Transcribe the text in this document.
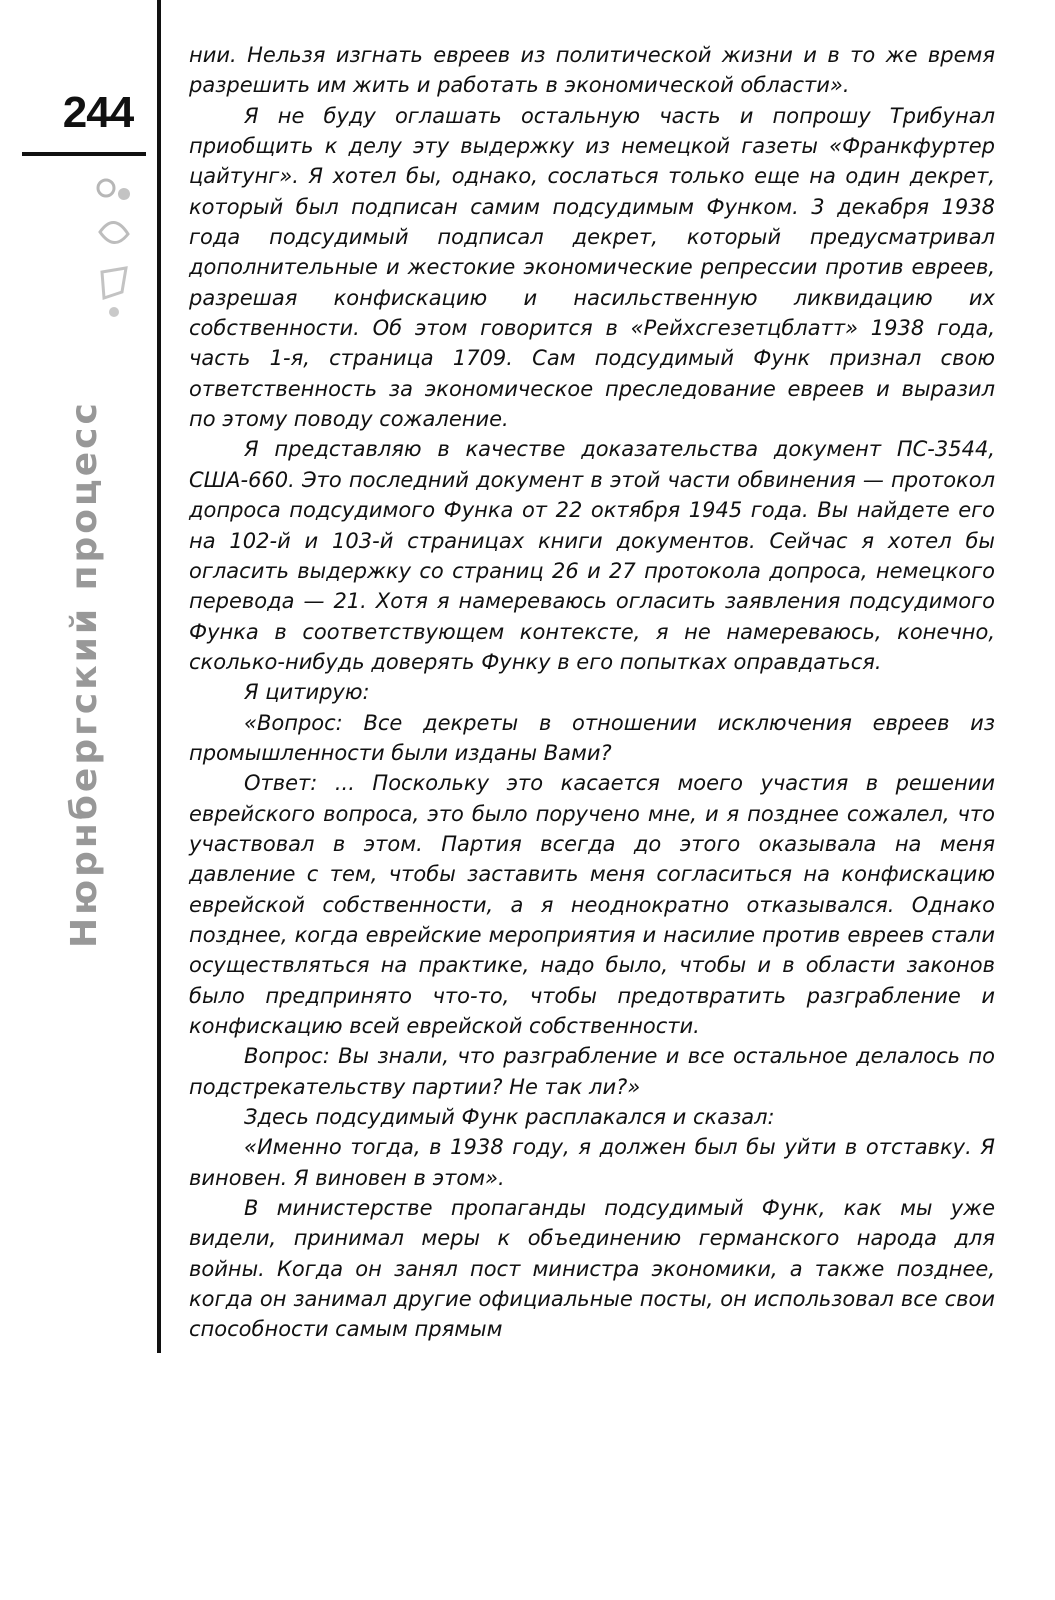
244
Нюрнбергский процесс

нии. Нельзя изгнать евреев из политической жизни и в то же время разрешить им жить и работать в экономической области».

Я не буду оглашать остальную часть и попрошу Трибунал приобщить к делу эту выдержку из немецкой газеты «Франкфуртер цайтунг». Я хотел бы, однако, сослаться только еще на один декрет, который был подписан самим подсудимым Функом. 3 декабря 1938 года подсудимый подписал декрет, который предусматривал дополнительные и жестокие экономические репрессии против евреев, разрешая конфискацию и насильственную ликвидацию их собственности. Об этом говорится в «Рейхсгезетцблатт» 1938 года, часть 1-я, страница 1709. Сам подсудимый Функ признал свою ответственность за экономическое преследование евреев и выразил по этому поводу сожаление.

Я представляю в качестве доказательства документ ПС-3544, США-660. Это последний документ в этой части обвинения — протокол допроса подсудимого Функа от 22 октября 1945 года. Вы найдете его на 102-й и 103-й страницах книги документов. Сейчас я хотел бы огласить выдержку со страниц 26 и 27 протокола допроса, немецкого перевода — 21. Хотя я намереваюсь огласить заявления подсудимого Функа в соответствующем контексте, я не намереваюсь, конечно, сколько-нибудь доверять Функу в его попытках оправдаться.

Я цитирую:

«Вопрос: Все декреты в отношении исключения евреев из промышленности были изданы Вами?

Ответ: ... Поскольку это касается моего участия в решении еврейского вопроса, это было поручено мне, и я позднее сожалел, что участвовал в этом. Партия всегда до этого оказывала на меня давление с тем, чтобы заставить меня согласиться на конфискацию еврейской собственности, а я неоднократно отказывался. Однако позднее, когда еврейские мероприятия и насилие против евреев стали осуществляться на практике, надо было, чтобы и в области законов было предпринято что-то, чтобы предотвратить разграбление и конфискацию всей еврейской собственности.

Вопрос: Вы знали, что разграбление и все остальное делалось по подстрекательству партии? Не так ли?»

Здесь подсудимый Функ расплакался и сказал:

«Именно тогда, в 1938 году, я должен был бы уйти в отставку. Я виновен. Я виновен в этом».

В министерстве пропаганды подсудимый Функ, как мы уже видели, принимал меры к объединению германского народа для войны. Когда он занял пост министра экономики, а также позднее, когда он занимал другие официальные посты, он использовал все свои способности самым прямым
